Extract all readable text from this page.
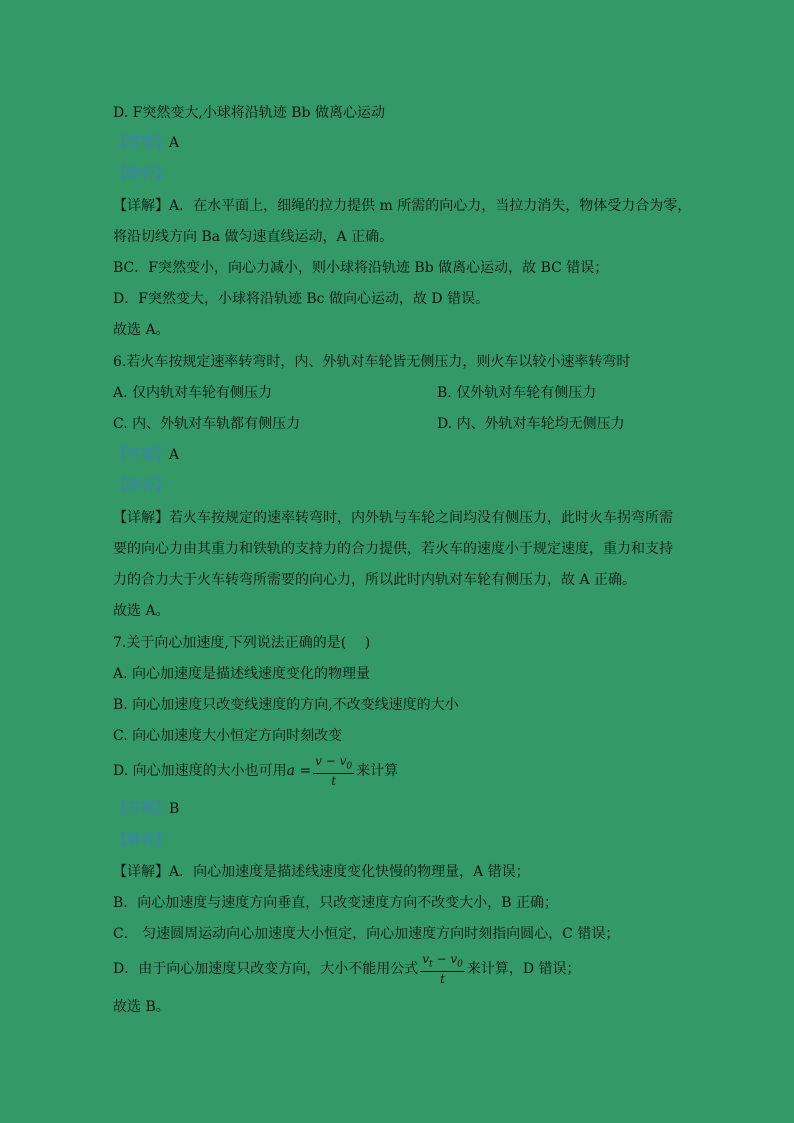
D. F突然变大,小球将沿轨迹 Bb 做离心运动
【答案】A
【解析】
【详解】A．在水平面上，细绳的拉力提供 m 所需的向心力，当拉力消失，物体受力合为零，
将沿切线方向 Ba 做匀速直线运动，A 正确。
BC．F突然变小，向心力减小，则小球将沿轨迹 Bb 做离心运动，故 BC 错误；
D．F突然变大，小球将沿轨迹 Bc 做向心运动，故 D 错误。
故选 A。
6.若火车按规定速率转弯时，内、外轨对车轮皆无侧压力，则火车以较小速率转弯时
A. 仅内轨对车轮有侧压力	B. 仅外轨对车轮有侧压力
C. 内、外轨对车轨都有侧压力	D. 内、外轨对车轮均无侧压力
【答案】A
【解析】
【详解】若火车按规定的速率转弯时，内外轨与车轮之间均没有侧压力，此时火车拐弯所需
要的向心力由其重力和铁轨的支持力的合力提供，若火车的速度小于规定速度，重力和支持
力的合力大于火车转弯所需要的向心力，所以此时内轨对车轮有侧压力，故 A 正确。
故选 A。
7.关于向心加速度,下列说法正确的是(　 )
A. 向心加速度是描述线速度变化的物理量
B. 向心加速度只改变线速度的方向,不改变线速度的大小
C. 向心加速度大小恒定方向时刻改变
D. 向心加速度的大小也可用$a = \frac{v - v_0}{t}$ 来计算
【答案】B
【解析】
【详解】A．向心加速度是描述线速度变化快慢的物理量，A 错误；
B．向心加速度与速度方向垂直，只改变速度方向不改变大小，B 正确；
C． 匀速圆周运动向心加速度大小恒定，向心加速度方向时刻指向圆心，C 错误；
D．由于向心加速度只改变方向，大小不能用公式 $\frac{v_t - v_0}{t}$ 来计算，D 错误；
故选 B。
